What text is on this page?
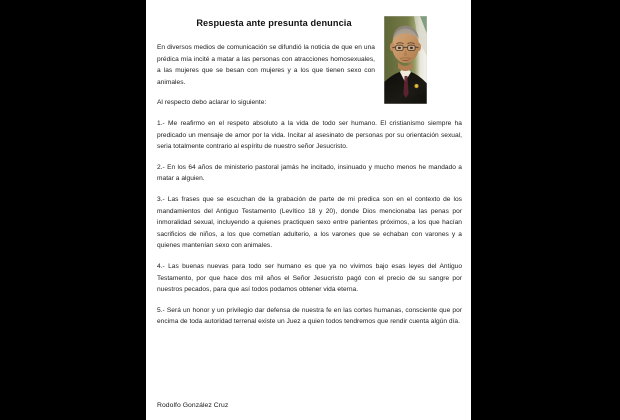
Respuesta ante presunta denuncia

En diversos medios de comunicación se difundió la noticia de que en una prédica mía incité a matar a las personas con atracciones homosexuales, a las mujeres que se besan con mujeres y a los que tienen sexo con animales.

Al respecto debo aclarar lo siguiente:

1.- Me reafirmo en el respeto absoluto a la vida de todo ser humano. El cristianismo siempre ha predicado un mensaje de amor por la vida. Incitar al asesinato de personas por su orientación sexual, seria totalmente contrario al espíritu de nuestro señor Jesucristo.

2.- En los 64 años de ministerio pastoral jamás he incitado, insinuado y mucho menos he mandado a matar a alguien.

3.- Las frases que se escuchan de la grabación de parte de mi predica son en el contexto de los mandamientos del Antiguo Testamento (Levítico 18 y 20), donde Dios mencionaba las penas por inmoralidad sexual, incluyendo a quienes practiquen sexo entre parientes próximos, a los que hacían sacrificios de niños, a los que cometían adulterio, a los varones que se echaban con varones y a quienes mantenían sexo con animales.

4.- Las buenas nuevas para todo ser humano es que ya no vivimos bajo esas leyes del Antiguo Testamento, por que hace dos mil años el Señor Jesucristo pagó con el precio de su sangre por nuestros pecados, para que así todos podamos obtener vida eterna.

5.- Será un honor y un privilegio dar defensa de nuestra fe en las cortes humanas, consciente que por encima de toda autoridad terrenal existe un Juez a quien todos tendremos que rendir cuenta algún día.

Rodolfo González Cruz
